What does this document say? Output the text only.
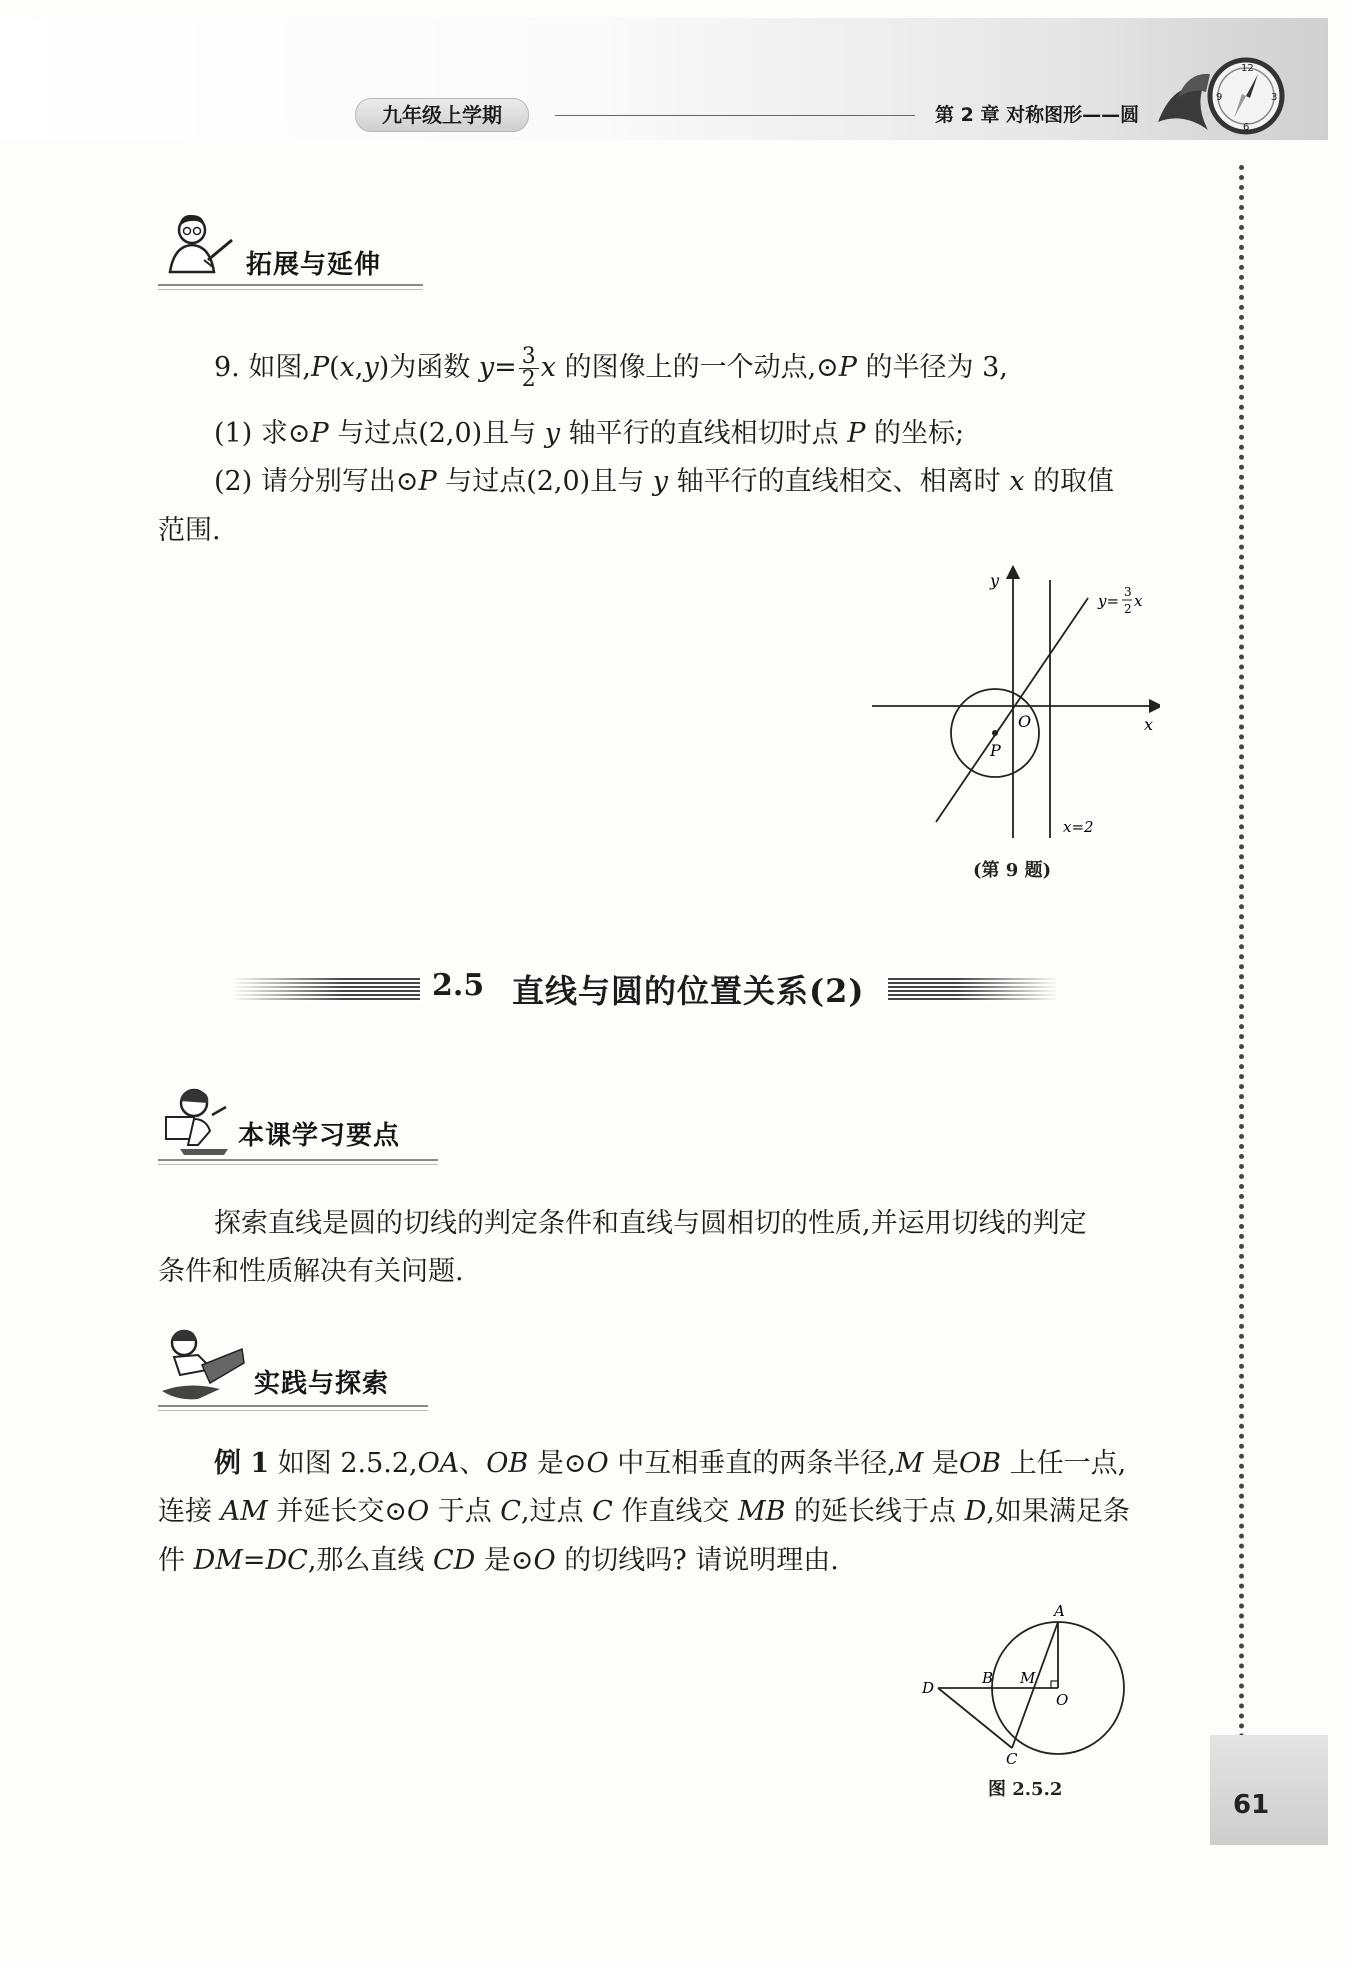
九年级上学期	第 2 章 对称图形——圆
12
3
6
9
拓展与延伸
9. 如图,P(x,y)为函数 $y= \frac{3}{2}$ x 的图像上的一个动点,⊙P 的半径为 3,
(1) 求⊙P 与过点(2,0)且与 y 轴平行的直线相切时点 P 的坐标;
(2) 请分别写出⊙P 与过点(2,0)且与 y 轴平行的直线相交、相离时 x 的取值
范围.
y
x
O
P
y= 3
2 x
x=2
(第 9 题)
2.5 直线与圆的位置关系(2)
本课学习要点
探索直线是圆的切线的判定条件和直线与圆相切的性质,并运用切线的判定
条件和性质解决有关问题.
实践与探索
例 1 如图 2.5.2,OA、OB 是⊙O 中互相垂直的两条半径,M 是OB 上任一点,
连接 AM 并延长交⊙O 于点 C,过点 C 作直线交 MB 的延长线于点 D,如果满足条
件 DM=DC,那么直线 CD 是⊙O 的切线吗? 请说明理由.
A
B M
O
D
C
图 2.5.2
61
